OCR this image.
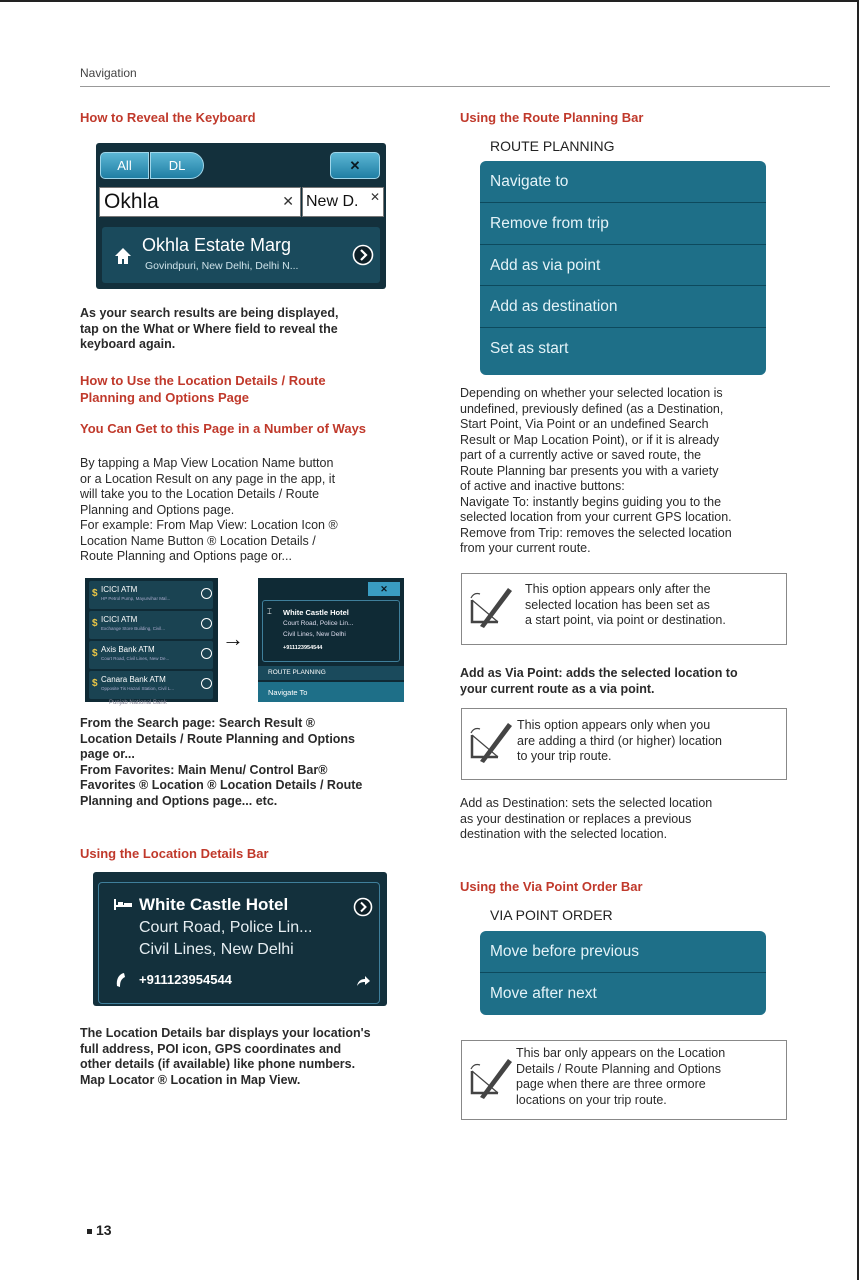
Navigation
How to Reveal the Keyboard
All	DL	✕
Okhla	✕ New D. ✕
Okhla Estate Marg
Govindpuri, New Delhi, Delhi N...
As your search results are being displayed,
tap on the What or Where field to reveal the
keyboard again.
How to Use the Location Details / Route
Planning and Options Page
You Can Get to this Page in a Number of Ways
By tapping a Map View Location Name button
or a Location Result on any page in the app, it
will take you to the Location Details / Route
Planning and Options page.
For example: From Map View: Location Icon ®
Location Name Button ® Location Details /
Route Planning and Options page or...
$ ICICI ATM
HP Petrol Pump, Mayurvihar Mal...
$ ICICI ATM
Exchange Store Building, Civil...
$ Axis Bank ATM
Court Road, Civil Lines, New De...
$ Canara Bank ATM
Opposite Tis Hazari Station, Civil L...
Punjab National Bank
→
✕
White Castle Hotel
Court Road, Police Lin...
Civil Lines, New Delhi
+911123954544
⌶
ROUTE PLANNING
Navigate To
From the Search page: Search Result ®
Location Details / Route Planning and Options
page or...
From Favorites: Main Menu/ Control Bar®
Favorites ® Location ® Location Details / Route
Planning and Options page... etc.
Using the Location Details Bar
White Castle Hotel
Court Road, Police Lin...
Civil Lines, New Delhi
+911123954544
The Location Details bar displays your location's
full address, POI icon, GPS coordinates and
other details (if available) like phone numbers.
Map Locator ® Location in Map View.
13
Using the Route Planning Bar
ROUTE PLANNING
Navigate to
Remove from trip
Add as via point
Add as destination
Set as start
Depending on whether your selected location is
undefined, previously defined (as a Destination,
Start Point, Via Point or an undefined Search
Result or Map Location Point), or if it is already
part of a currently active or saved route, the
Route Planning bar presents you with a variety
of active and inactive buttons:
Navigate To: instantly begins guiding you to the
selected location from your current GPS location.
Remove from Trip: removes the selected location
from your current route.
This option appears only after the
selected location has been set as
a start point, via point or destination.
Add as Via Point: adds the selected location to
your current route as a via point.
This option appears only when you
are adding a third (or higher) location
to your trip route.
Add as Destination: sets the selected location
as your destination or replaces a previous
destination with the selected location.
Using the Via Point Order Bar
VIA POINT ORDER
Move before previous
Move after next
This bar only appears on the Location
Details / Route Planning and Options
page when there are three ormore
locations on your trip route.
